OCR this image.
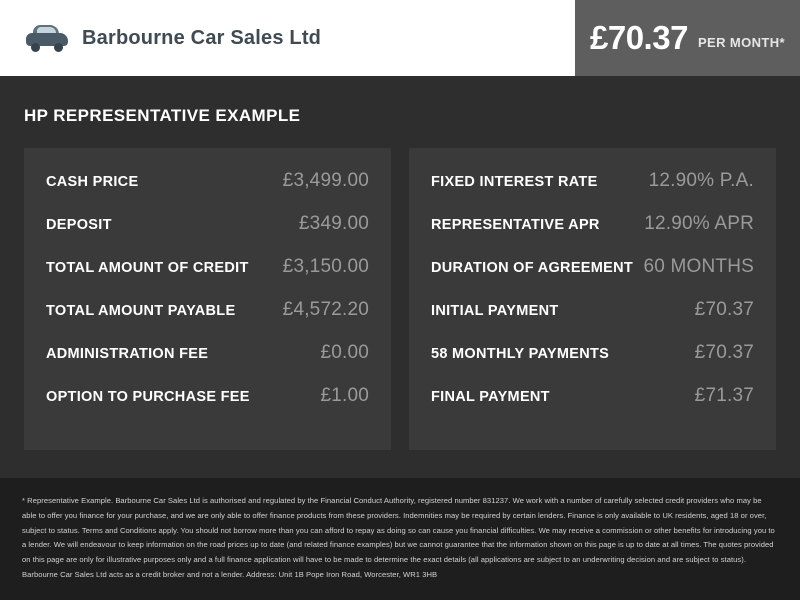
Barbourne Car Sales Ltd	£70.37 PER MONTH*
HP REPRESENTATIVE EXAMPLE
CASH PRICE	£3,499.00
DEPOSIT	£349.00
TOTAL AMOUNT OF CREDIT £3,150.00
TOTAL AMOUNT PAYABLE £4,572.20
ADMINISTRATION FEE	£0.00
OPTION TO PURCHASE FEE	£1.00
FIXED INTEREST RATE	12.90% P.A.
REPRESENTATIVE APR 12.90% APR
DURATION OF AGREEMENT 60 MONTHS
INITIAL PAYMENT	£70.37
58 MONTHLY PAYMENTS	£70.37
FINAL PAYMENT	£71.37

* Representative Example. Barbourne Car Sales Ltd is authorised and regulated by the Financial Conduct Authority, registered number 831237. We work with a number of carefully selected credit providers who may be able to offer you finance for your purchase, and we are only able to offer finance products from these providers. Indemnities may be required by certain lenders. Finance is only available to UK residents, aged 18 or over, subject to status. Terms and Conditions apply. You should not borrow more than you can afford to repay as doing so can cause you financial difficulties. We may receive a commission or other benefits for introducing you to a lender. We will endeavour to keep information on the road prices up to date (and related finance examples) but we cannot guarantee that the information shown on this page is up to date at all times. The quotes provided on this page are only for illustrative purposes only and a full finance application will have to be made to determine the exact details (all applications are subject to an underwriting decision and are subject to status). Barbourne Car Sales Ltd acts as a credit broker and not a lender. Address: Unit 1B Pope Iron Road, Worcester, WR1 3HB
